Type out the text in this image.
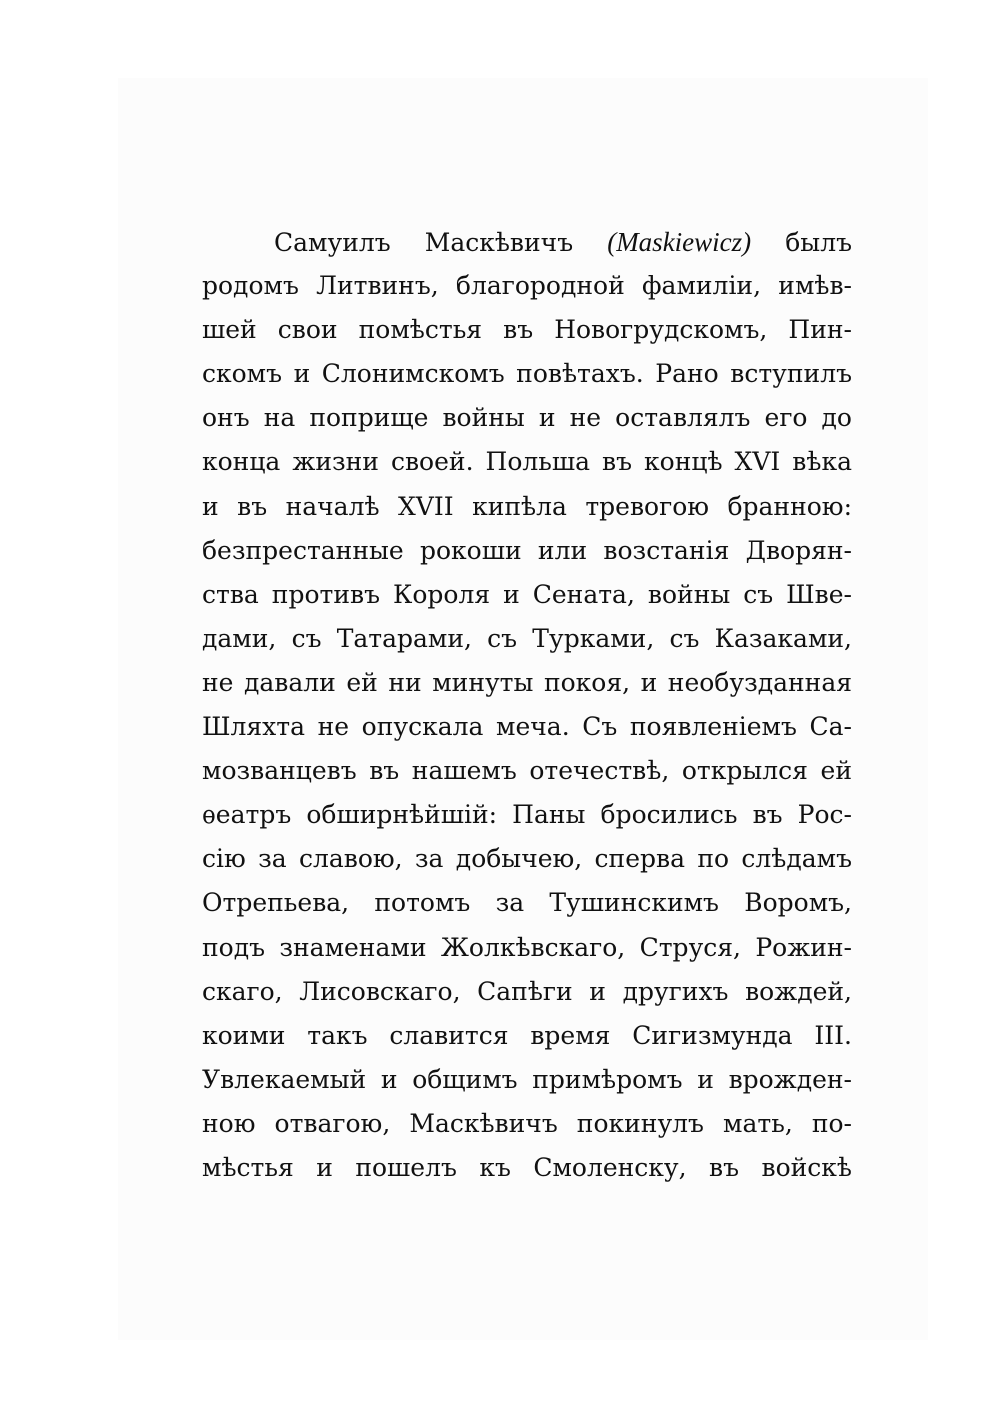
Самуилъ Маскѣвичъ (Maskiewicz) былъ
родомъ Литвинъ, благородной фамиліи, имѣв-
шей свои помѣстья въ Новогрудскомъ, Пин-
скомъ и Слонимскомъ повѣтахъ. Рано вступилъ
онъ на поприще войны и не оставлялъ его до
конца жизни своей. Польша въ концѣ XVI вѣка
и въ началѣ XVII кипѣла тревогою бранною:
безпрестанные рокоши или возстанія Дворян-
ства противъ Короля и Сената, войны съ Шве-
дами, съ Татарами, съ Турками, съ Казаками,
не давали ей ни минуты покоя, и необузданная
Шляхта не опускала меча. Съ появленіемъ Са-
мозванцевъ въ нашемъ отечествѣ, открылся ей
ѳеатръ обширнѣйшій: Паны бросились въ Рос-
сію за славою, за добычею, сперва по слѣдамъ
Отрепьева, потомъ за Тушинскимъ Воромъ,
подъ знаменами Жолкѣвскаго, Струся, Рожин-
скаго, Лисовскаго, Сапѣги и другихъ вождей,
коими такъ славится время Сигизмунда III.
Увлекаемый и общимъ примѣромъ и врожден-
ною отвагою, Маскѣвичъ покинулъ мать, по-
мѣстья и пошелъ къ Смоленску, въ войскѣ
